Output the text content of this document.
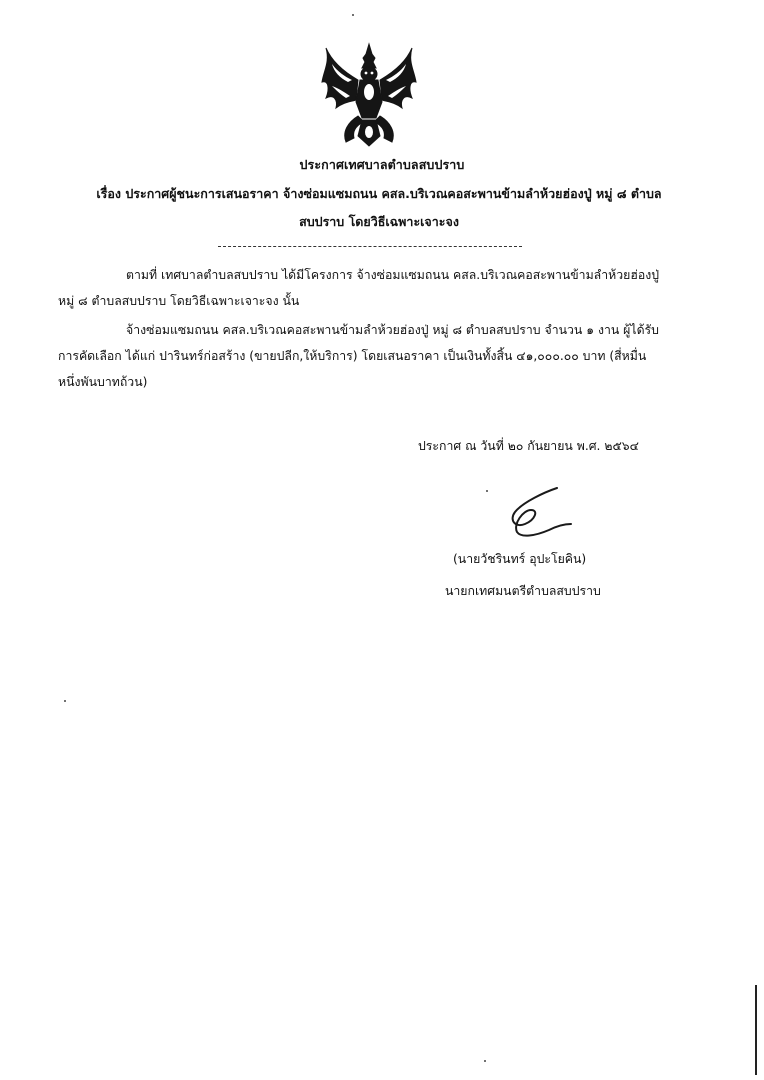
ประกาศเทศบาลตำบลสบปราบ
เรื่อง ประกาศผู้ชนะการเสนอราคา จ้างซ่อมแซมถนน คสล.บริเวณคอสะพานข้ามลำห้วยฮ่องปู่ หมู่ ๘ ตำบล
สบปราบ โดยวิธีเฉพาะเจาะจง
ตามที่ เทศบาลตำบลสบปราบ ได้มีโครงการ จ้างซ่อมแซมถนน คสล.บริเวณคอสะพานข้ามลำห้วยฮ่องปู่ หมู่ ๘ ตำบลสบปราบ โดยวิธีเฉพาะเจาะจง นั้น
จ้างซ่อมแซมถนน คสล.บริเวณคอสะพานข้ามลำห้วยฮ่องปู่ หมู่ ๘ ตำบลสบปราบ จำนวน ๑ งาน ผู้ได้รับการคัดเลือก ได้แก่ ปารินทร์ก่อสร้าง (ขายปลีก,ให้บริการ) โดยเสนอราคา เป็นเงินทั้งสิ้น ๔๑,๐๐๐.๐๐ บาท (สี่หมื่นหนึ่งพันบาทถ้วน)
ประกาศ ณ วันที่ ๒๐ กันยายน พ.ศ. ๒๕๖๔
(นายวัชรินทร์ อุปะโยคิน)
นายกเทศมนตรีตำบลสบปราบ
